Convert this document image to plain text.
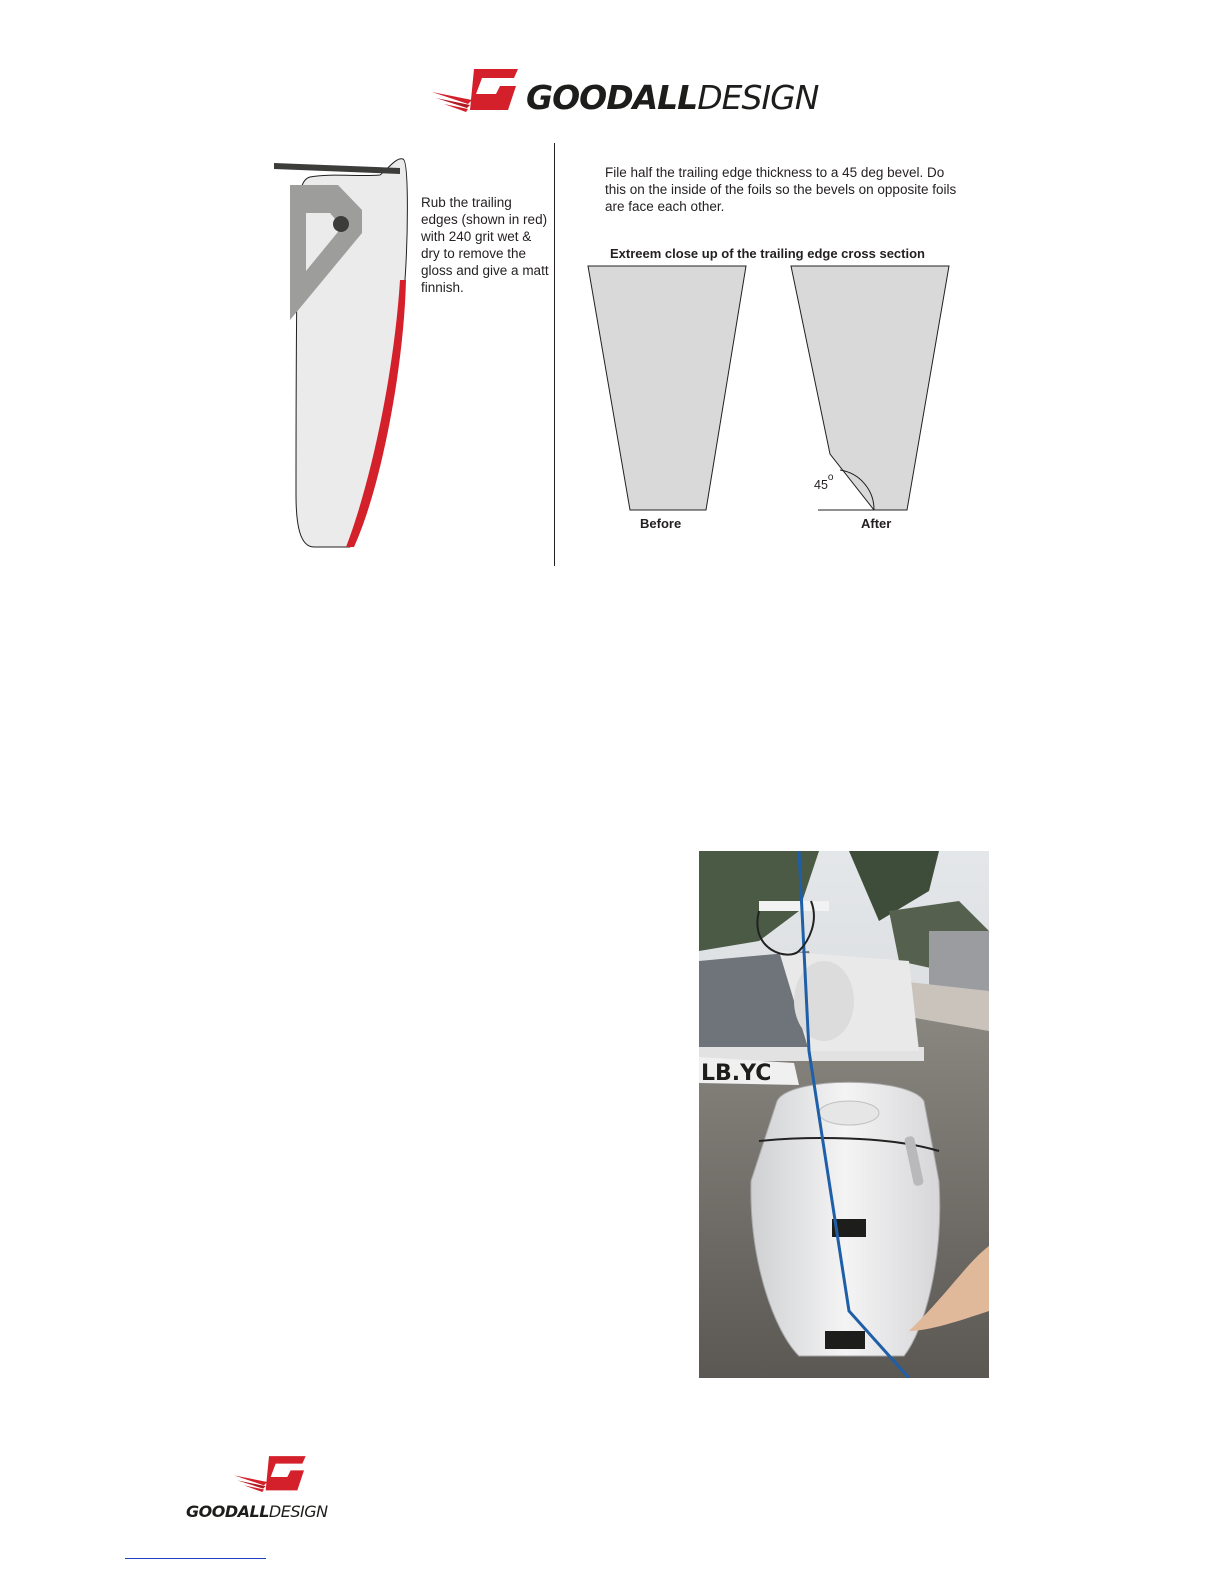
GOODALLDESIGN
Rub the trailing edges (shown in red) with 240 grit wet & dry to remove the gloss and give a matt finnish.
File half the trailing edge thickness to a 45 deg bevel. Do this on the inside of the foils so the bevels on opposite foils are face each other.
Extreem close up of the trailing edge cross section
Before
45$^o$
After
LB.YC
GOODALLDESIGN
